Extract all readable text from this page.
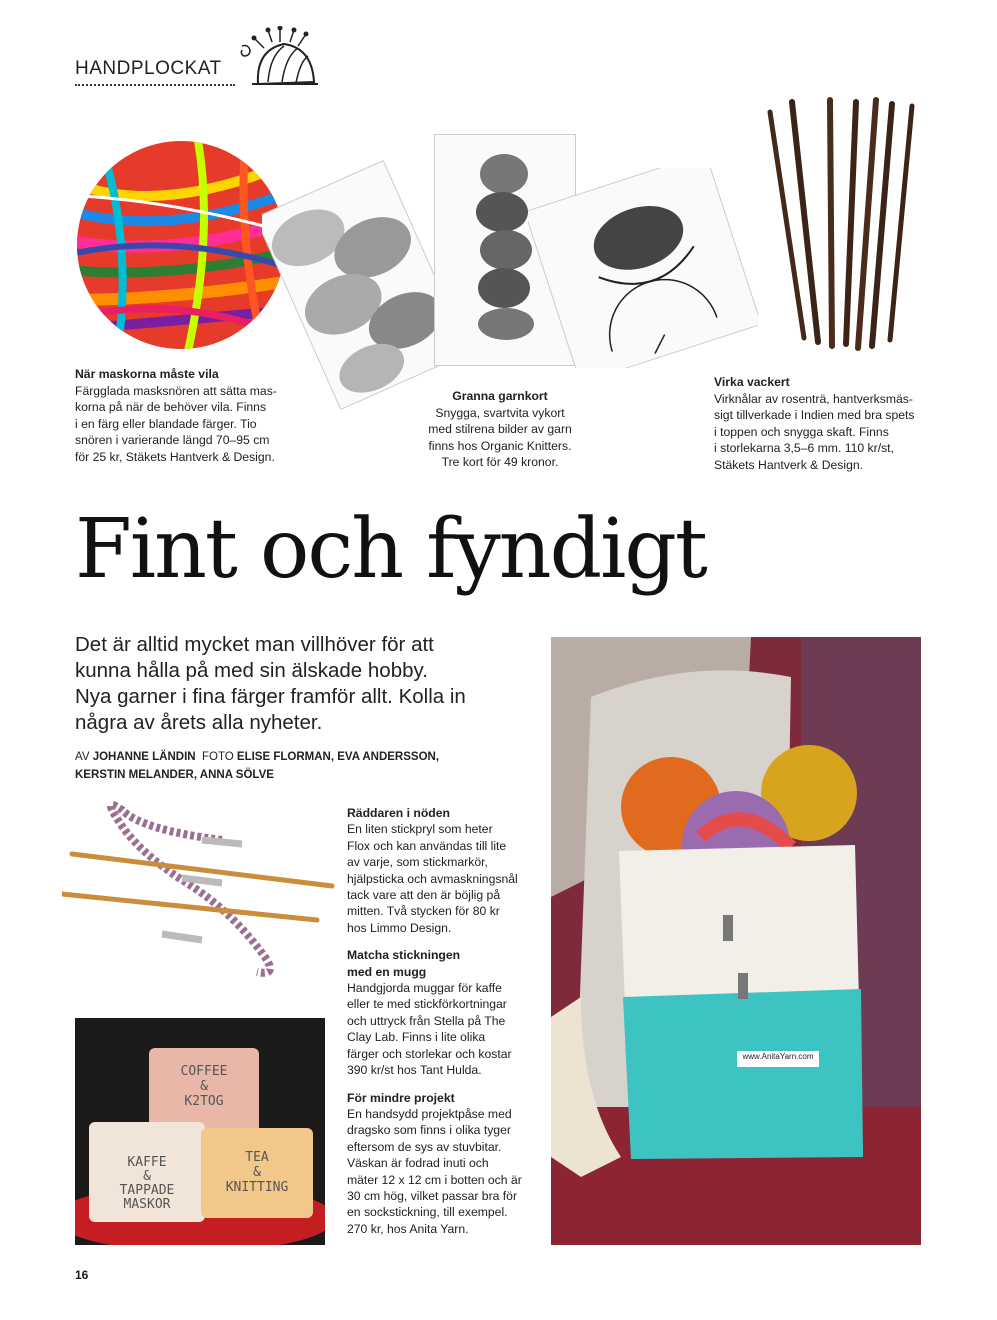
HANDPLOCKAT
När maskorna måste vila
Färgglada masksnören att sätta mas-
korna på när de behöver vila. Finns
i en färg eller blandade färger. Tio
snören i varierande längd 70–95 cm
för 25 kr, Stäkets Hantverk & Design.
Granna garnkort
Snygga, svartvita vykort
med stilrena bilder av garn
finns hos Organic Knitters.
Tre kort för 49 kronor.
Virka vackert
Virknålar av rosenträ, hantverksmäs-
sigt tillverkade i Indien med bra spets
i toppen och snygga skaft. Finns
i storlekarna 3,5–6 mm. 110 kr/st,
Stäkets Hantverk & Design.
Fint och fyndigt
Det är alltid mycket man villhöver för att
kunna hålla på med sin älskade hobby.
Nya garner i fina färger framför allt. Kolla in
några av årets alla nyheter.
AV JOHANNE LÄNDIN FOTO ELISE FLORMAN, EVA ANDERSSON,
KERSTIN MELANDER, ANNA SÖLVE
COFFEE
&
K2TOG
KAFFE
&
TAPPADE
MASKOR
TEA
&
KNITTING
Räddaren i nöden
En liten stickpryl som heter
Flox och kan användas till lite
av varje, som stickmarkör,
hjälpsticka och avmaskningsnål
tack vare att den är böjlig på
mitten. Två stycken för 80 kr
hos Limmo Design.
Matcha stickningen
med en mugg
Handgjorda muggar för kaffe
eller te med stickförkortningar
och uttryck från Stella på The
Clay Lab. Finns i lite olika
färger och storlekar och kostar
390 kr/st hos Tant Hulda.
För mindre projekt
En handsydd projektpåse med
dragsko som finns i olika tyger
eftersom de sys av stuvbitar.
Väskan är fodrad inuti och
mäter 12 x 12 cm i botten och är
30 cm hög, vilket passar bra för
en sockstickning, till exempel.
270 kr, hos Anita Yarn.
www.AnitaYarn.com
16
